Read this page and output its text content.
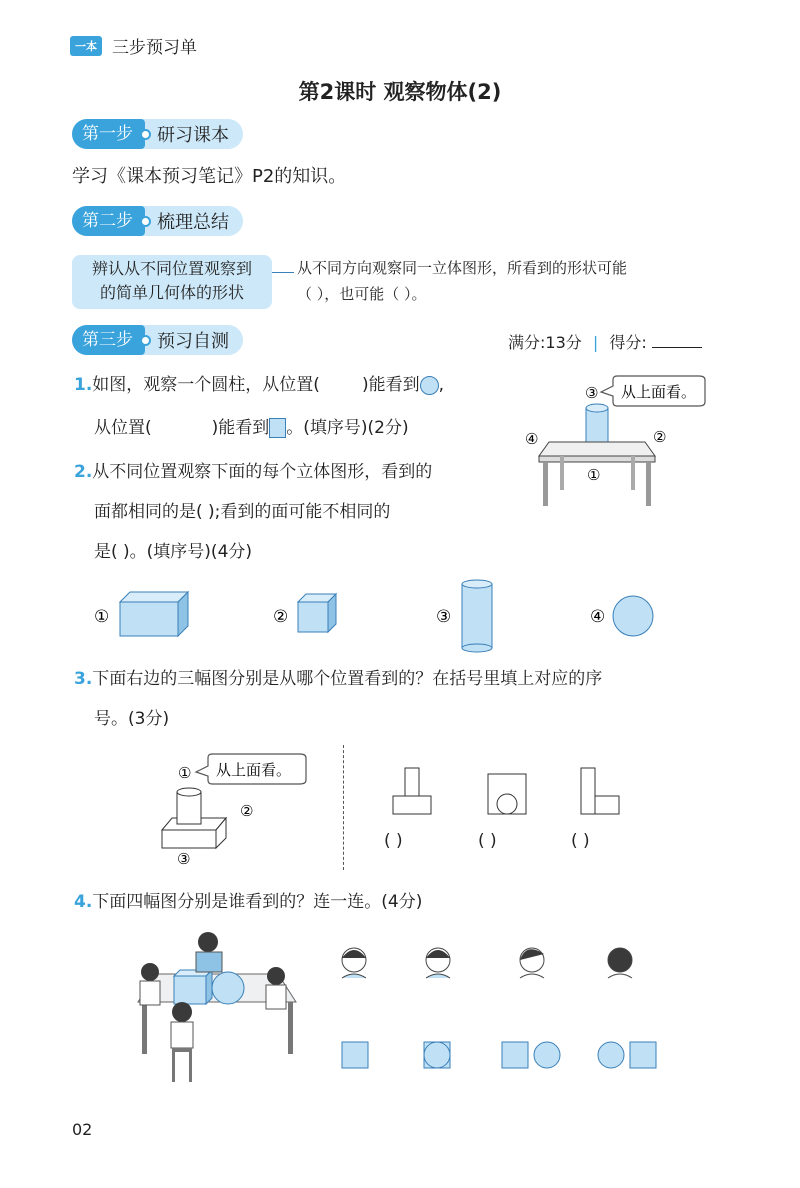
一本 三步预习单
第2课时 观察物体(2)
第一步	研习课本
学习《课本预习笔记》P2的知识。
第二步	梳理总结
辨认从不同位置观察到
的简单几何体的形状
从不同方向观察同一立体图形，所看到的形状可能
（ ），也可能（ ）。
第三步	预习自测	满分:13分 | 得分:
1.如图，观察一个圆柱，从位置( )能看到 ,
从位置(	)能看到 。(填序号)(2分)
③ 从上面看。
④	②
①
2.从不同位置观察下面的每个立体图形，看到的
面都相同的是( );看到的面可能不相同的
是( )。(填序号)(4分)
①	②	③	④
3.下面右边的三幅图分别是从哪个位置看到的？在括号里填上对应的序
号。(3分)
① 从上面看。
②
③
( )	( )	( )
4.下面四幅图分别是谁看到的？连一连。(4分)
02
